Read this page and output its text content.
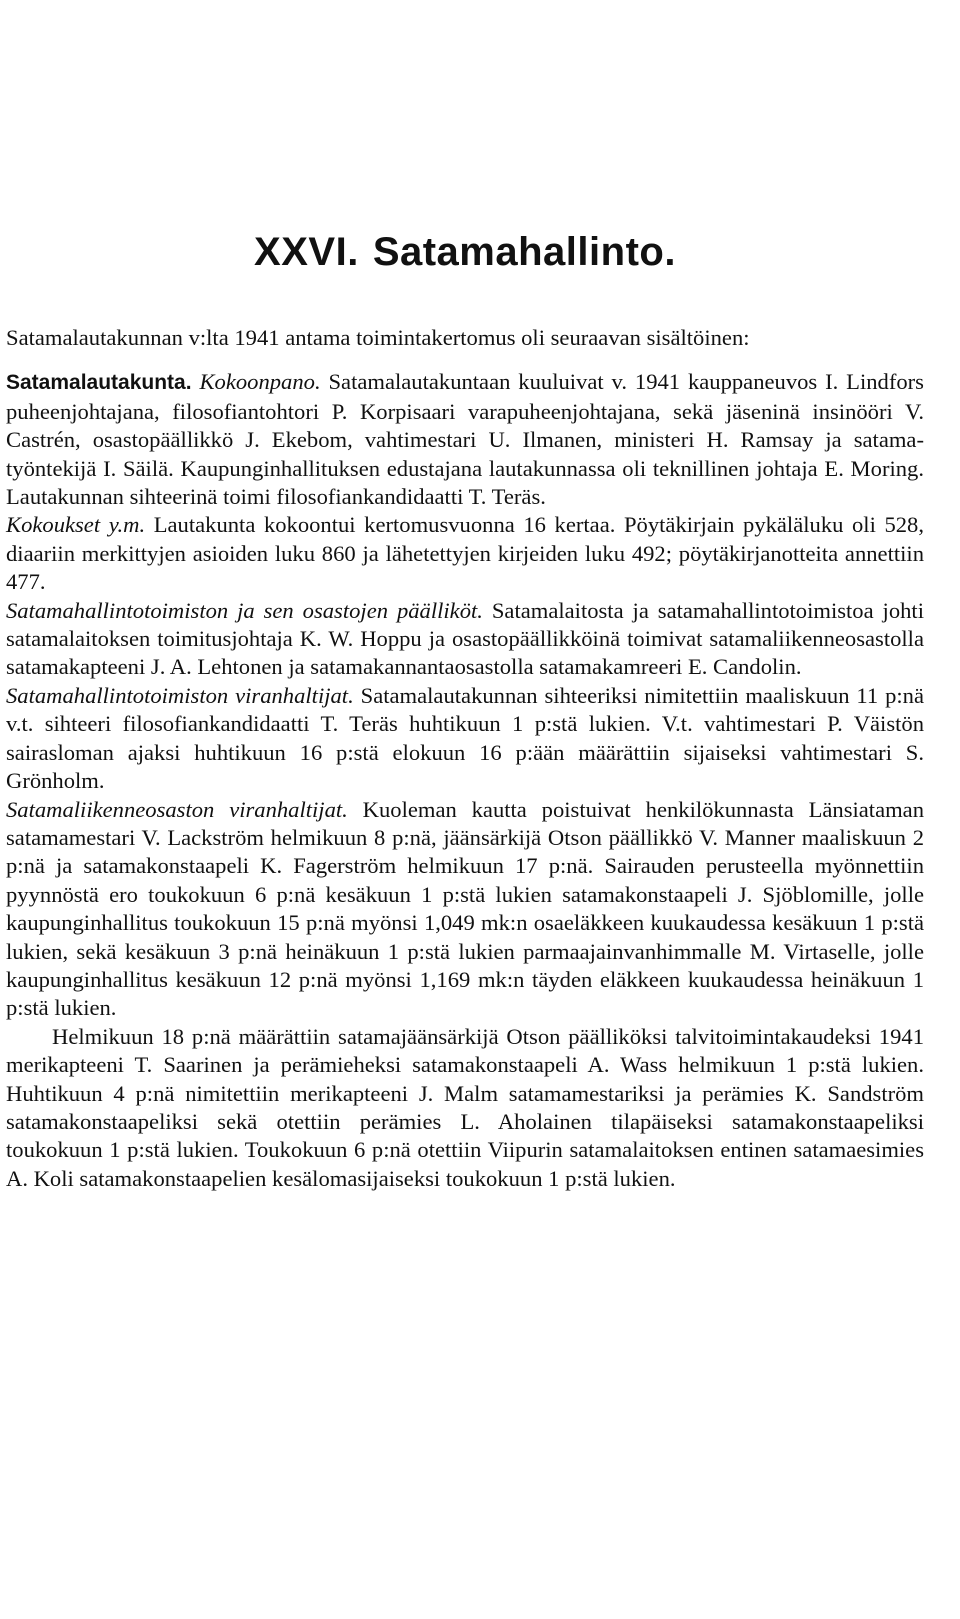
XXVI. Satamahallinto.

Satamalautakunnan v:lta 1941 antama toimintakertomus oli seuraavan sisältöinen:

Satamalautakunta. Kokoonpano. Satamalautakuntaan kuuluivat v. 1941 kauppaneuvos I. Lindfors puheenjohtajana, filosofiantohtori P. Korpisaari varapuheenjohtajana, sekä jäseninä insinööri V. Castrén, osastopäällikkö J. Ekebom, vahtimestari U. Ilmanen, ministeri H. Ramsay ja satamatyöntekijä I. Säilä. Kaupunginhallituksen edustajana lautakunnassa oli teknillinen johtaja E. Moring. Lautakunnan sihteerinä toimi filosofiankandidaatti T. Teräs.

Kokoukset y.m. Lautakunta kokoontui kertomusvuonna 16 kertaa. Pöytäkirjain pykäläluku oli 528, diaariin merkittyjen asioiden luku 860 ja lähetettyjen kirjeiden luku 492; pöytäkirjanotteita annettiin 477.

Satamahallintotoimiston ja sen osastojen päälliköt. Satamalaitosta ja satamahallintotoimistoa johti satamalaitoksen toimitusjohtaja K. W. Hoppu ja osastopäällikköinä toimivat satamaliikenneosastolla satamakapteeni J. A. Lehtonen ja satamakannantaosastolla satamakamreeri E. Candolin.

Satamahallintotoimiston viranhaltijat. Satamalautakunnan sihteeriksi nimitettiin maaliskuun 11 p:nä v.t. sihteeri filosofiankandidaatti T. Teräs huhtikuun 1 p:stä lukien. V.t. vahtimestari P. Väistön sairasloman ajaksi huhtikuun 16 p:stä elokuun 16 p:ään määrättiin sijaiseksi vahtimestari S. Grönholm.

Satamaliikenneosaston viranhaltijat. Kuoleman kautta poistuivat henkilökunnasta Länsiataman satamamestari V. Lackström helmikuun 8 p:nä, jäänsärkijä Otson päällikkö V. Manner maaliskuun 2 p:nä ja satamakonstaapeli K. Fagerström helmikuun 17 p:nä. Sairauden perusteella myönnettiin pyynnöstä ero toukokuun 6 p:nä kesäkuun 1 p:stä lukien satamakonstaapeli J. Sjöblomille, jolle kaupunginhallitus toukokuun 15 p:nä myönsi 1,049 mk:n osaeläkkeen kuukaudessa kesäkuun 1 p:stä lukien, sekä kesäkuun 3 p:nä heinäkuun 1 p:stä lukien parmaajainvanhimmalle M. Virtaselle, jolle kaupunginhallitus kesäkuun 12 p:nä myönsi 1,169 mk:n täyden eläkkeen kuukaudessa heinäkuun 1 p:stä lukien.

Helmikuun 18 p:nä määrättiin satamajäänsärkijä Otson päälliköksi talvitoimintakaudeksi 1941 merikapteeni T. Saarinen ja perämieheksi satamakonstaapeli A. Wass helmikuun 1 p:stä lukien. Huhtikuun 4 p:nä nimitettiin merikapteeni J. Malm satamamestariksi ja perämies K. Sandström satamakonstaapeliksi sekä otettiin perämies L. Aholainen tilapäiseksi satamakonstaapeliksi toukokuun 1 p:stä lukien. Toukokuun 6 p:nä otettiin Viipurin satamalaitoksen entinen satamaesimies A. Koli satamakonstaapelien kesälomasijaiseksi toukokuun 1 p:stä lukien.
